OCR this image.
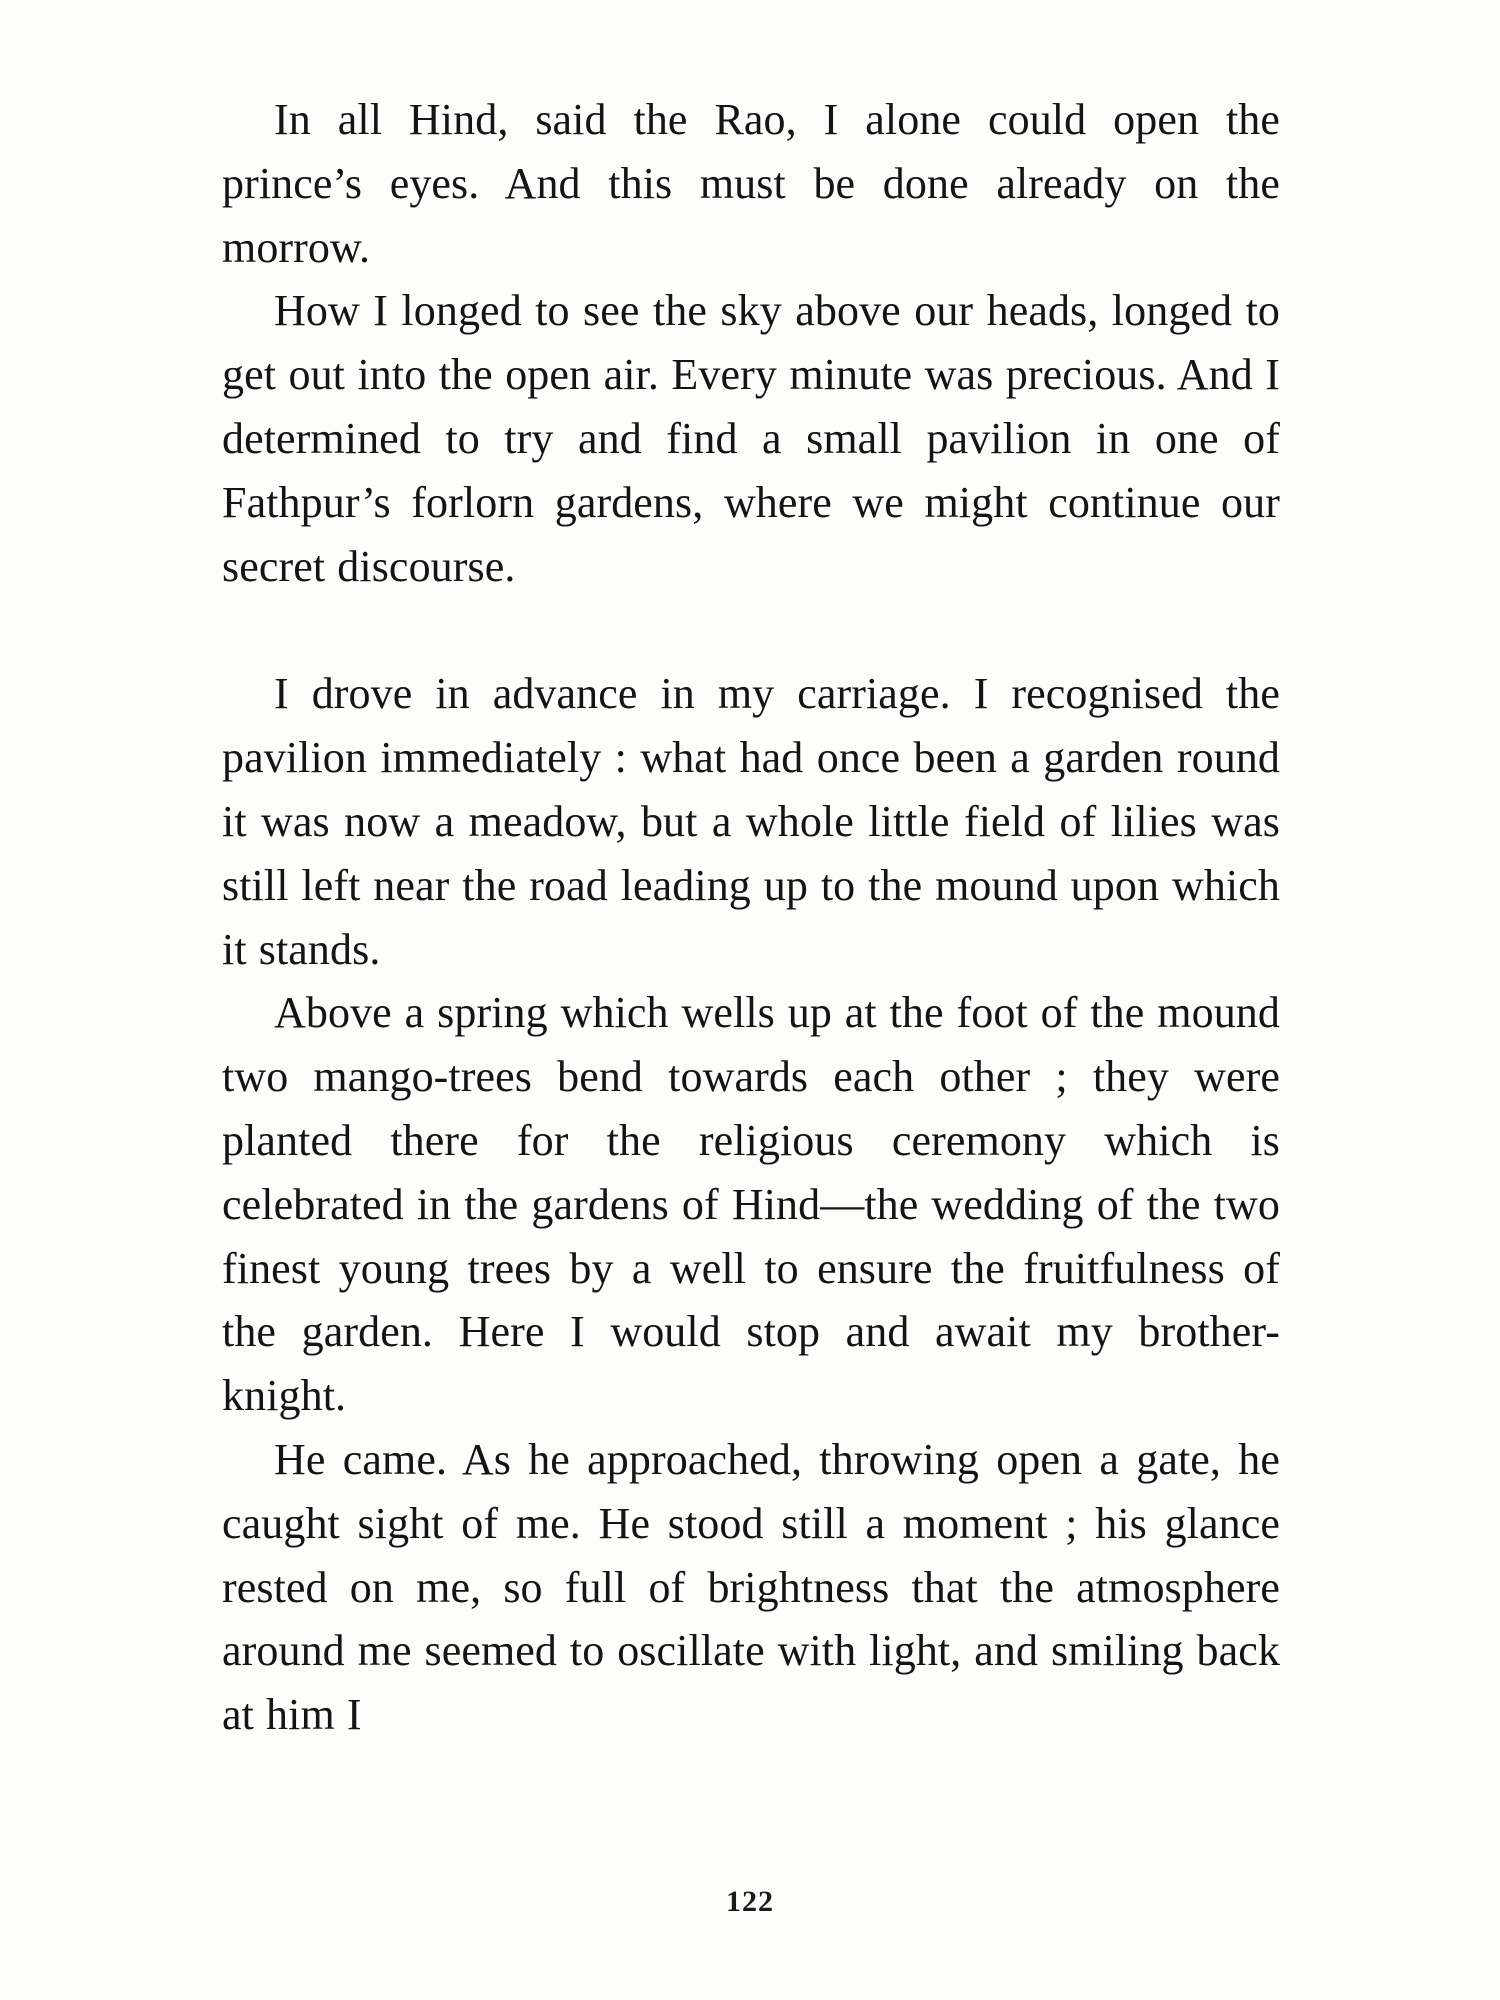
In all Hind, said the Rao, I alone could open the prince’s eyes. And this must be done already on the morrow.

How I longed to see the sky above our heads, longed to get out into the open air. Every minute was precious. And I determined to try and find a small pavilion in one of Fathpur’s forlorn gardens, where we might continue our secret discourse.

I drove in advance in my carriage. I recognised the pavilion immediately : what had once been a garden round it was now a meadow, but a whole little field of lilies was still left near the road leading up to the mound upon which it stands.

Above a spring which wells up at the foot of the mound two mango-trees bend towards each other ; they were planted there for the religious ceremony which is celebrated in the gardens of Hind—the wedding of the two finest young trees by a well to ensure the fruitfulness of the garden. Here I would stop and await my brother-knight.

He came. As he approached, throwing open a gate, he caught sight of me. He stood still a moment ; his glance rested on me, so full of brightness that the atmosphere around me seemed to oscillate with light, and smiling back at him I

122
